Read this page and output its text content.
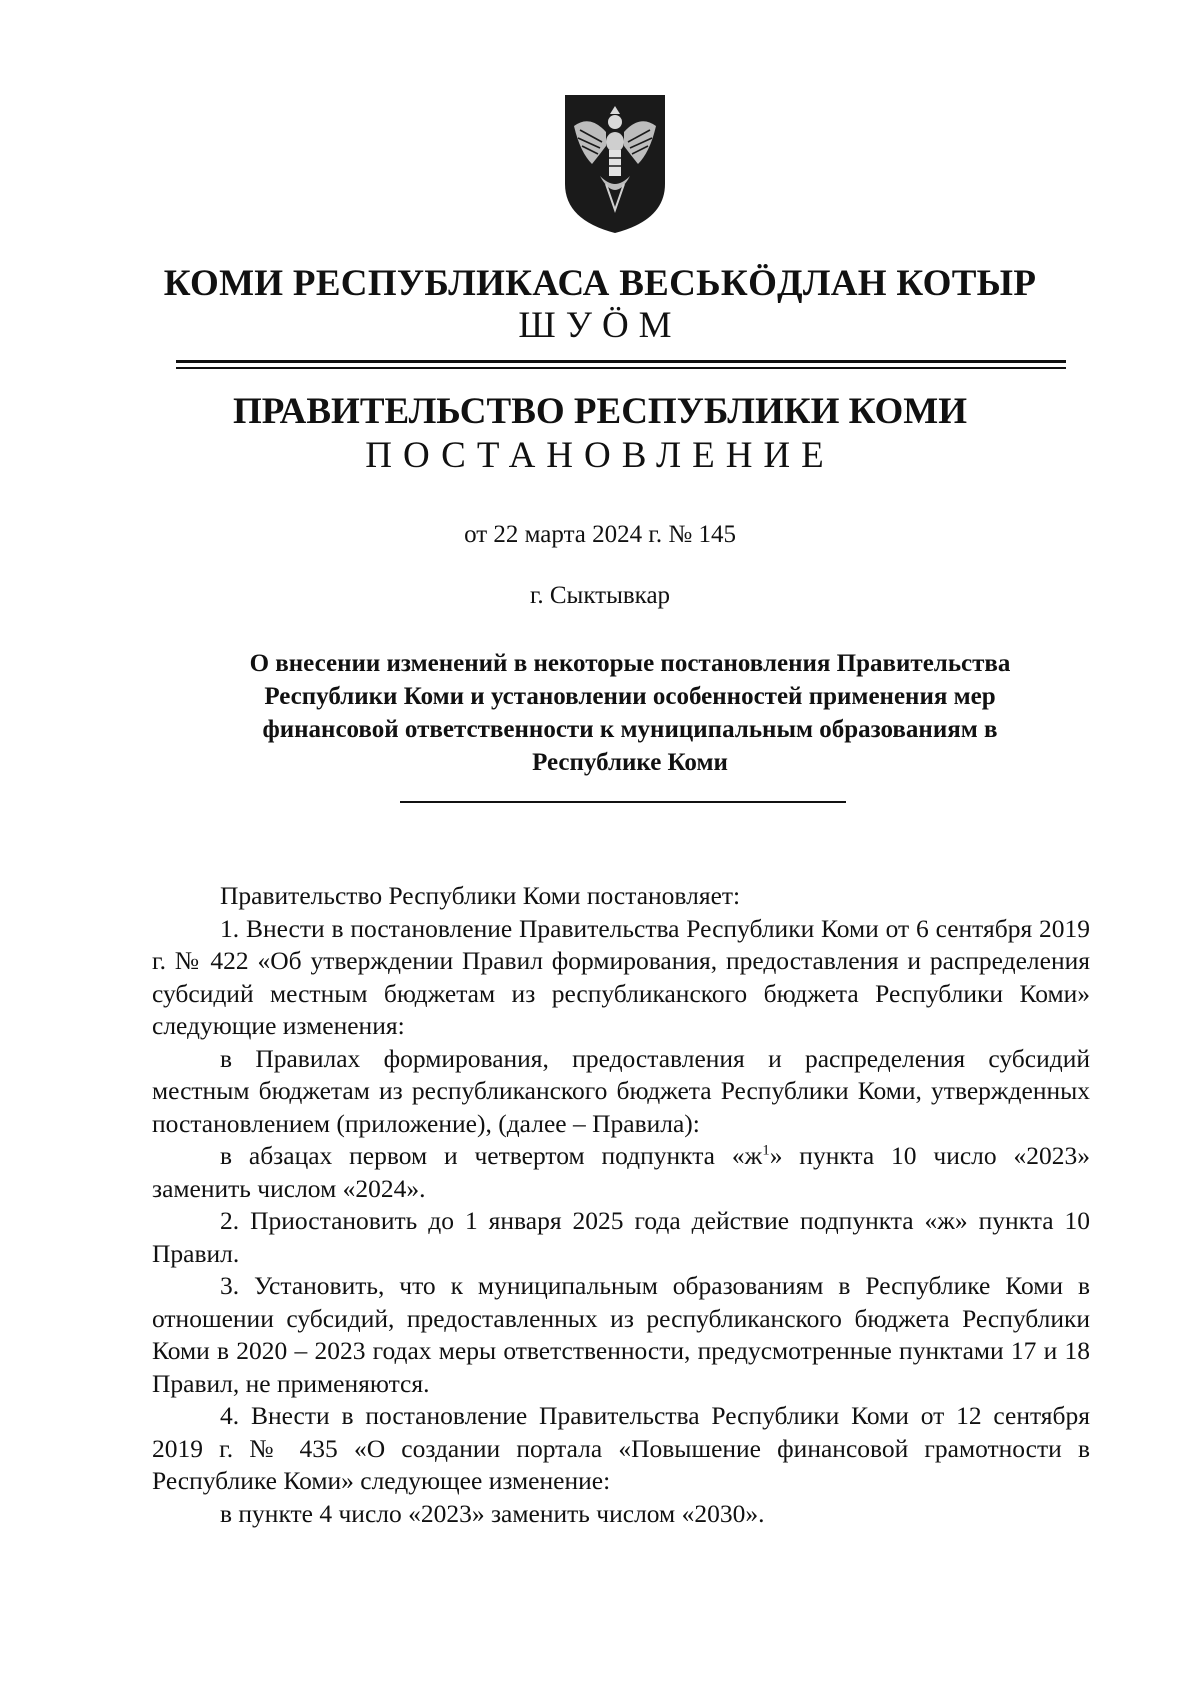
КОМИ РЕСПУБЛИКАСА ВЕСЬКӦДЛАН КОТЫР
ШУӦМ
ПРАВИТЕЛЬСТВО РЕСПУБЛИКИ КОМИ
ПОСТАНОВЛЕНИЕ
от 22 марта 2024 г. № 145
г. Сыктывкар
О внесении изменений в некоторые постановления Правительства Республики Коми и установлении особенностей применения мер финансовой ответственности к муниципальным образованиям в Республике Коми

Правительство Республики Коми постановляет:

1. Внести в постановление Правительства Республики Коми от 6 сентября 2019 г. № 422 «Об утверждении Правил формирования, предоставления и распределения субсидий местным бюджетам из республиканского бюджета Республики Коми» следующие изменения:

в Правилах формирования, предоставления и распределения субсидий местным бюджетам из республиканского бюджета Республики Коми, утвержденных постановлением (приложение), (далее – Правила):

в абзацах первом и четвертом подпункта «$ж^1$» пункта 10 число «2023» заменить числом «2024».

2. Приостановить до 1 января 2025 года действие подпункта «ж» пункта 10 Правил.

3. Установить, что к муниципальным образованиям в Республике Коми в отношении субсидий, предоставленных из республиканского бюджета Республики Коми в 2020 – 2023 годах меры ответственности, предусмотренные пунктами 17 и 18 Правил, не применяются.

4. Внести в постановление Правительства Республики Коми от 12 сентября 2019 г. № 435 «О создании портала «Повышение финансовой грамотности в Республике Коми» следующее изменение:

в пункте 4 число «2023» заменить числом «2030».
